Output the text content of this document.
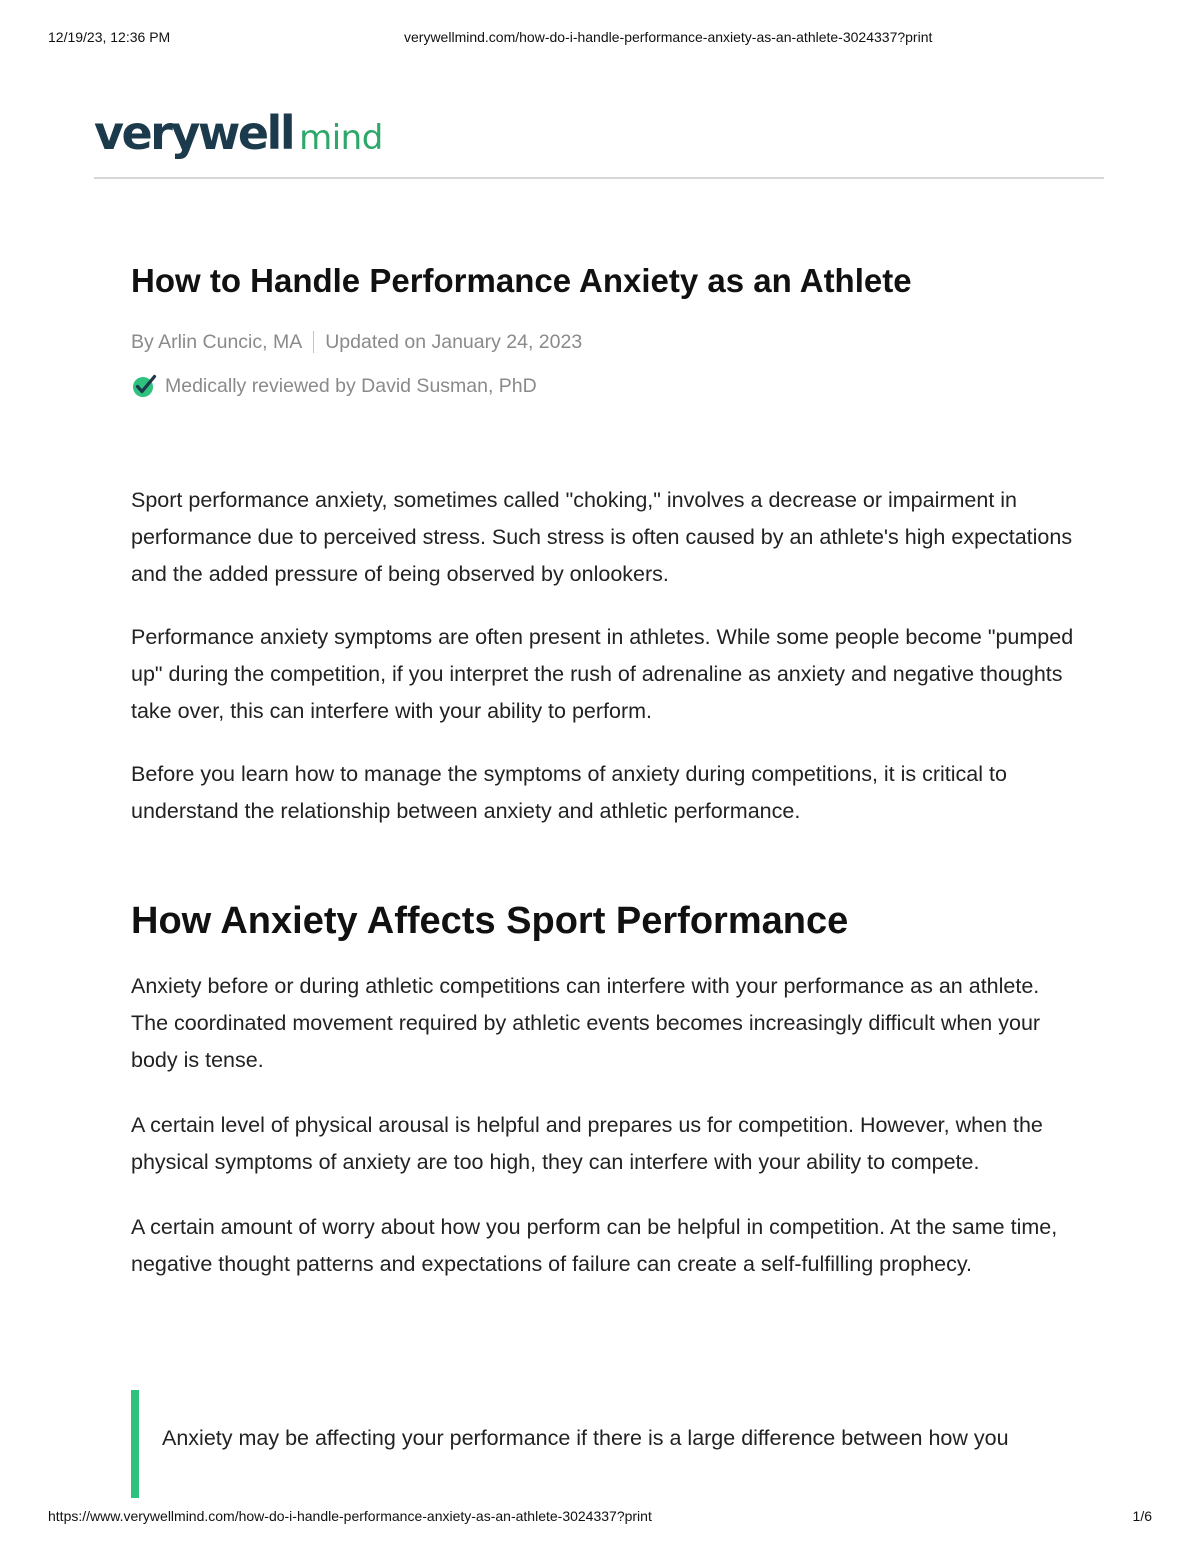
12/19/23, 12:36 PM	verywellmind.com/how-do-i-handle-performance-anxiety-as-an-athlete-3024337?print
verywell mind
How to Handle Performance Anxiety as an Athlete
By Arlin Cuncic, MA Updated on January 24, 2023
Medically reviewed by David Susman, PhD

Sport performance anxiety, sometimes called "choking," involves a decrease or impairment in performance due to perceived stress. Such stress is often caused by an athlete's high expectations and the added pressure of being observed by onlookers.

Performance anxiety symptoms are often present in athletes. While some people become "pumped up" during the competition, if you interpret the rush of adrenaline as anxiety and negative thoughts take over, this can interfere with your ability to perform.

Before you learn how to manage the symptoms of anxiety during competitions, it is critical to understand the relationship between anxiety and athletic performance.

How Anxiety Affects Sport Performance

Anxiety before or during athletic competitions can interfere with your performance as an athlete. The coordinated movement required by athletic events becomes increasingly difficult when your body is tense.

A certain level of physical arousal is helpful and prepares us for competition. However, when the physical symptoms of anxiety are too high, they can interfere with your ability to compete.

A certain amount of worry about how you perform can be helpful in competition. At the same time, negative thought patterns and expectations of failure can create a self-fulfilling prophecy.

Anxiety may be affecting your performance if there is a large difference between how you
https://www.verywellmind.com/how-do-i-handle-performance-anxiety-as-an-athlete-3024337?print	1/6
